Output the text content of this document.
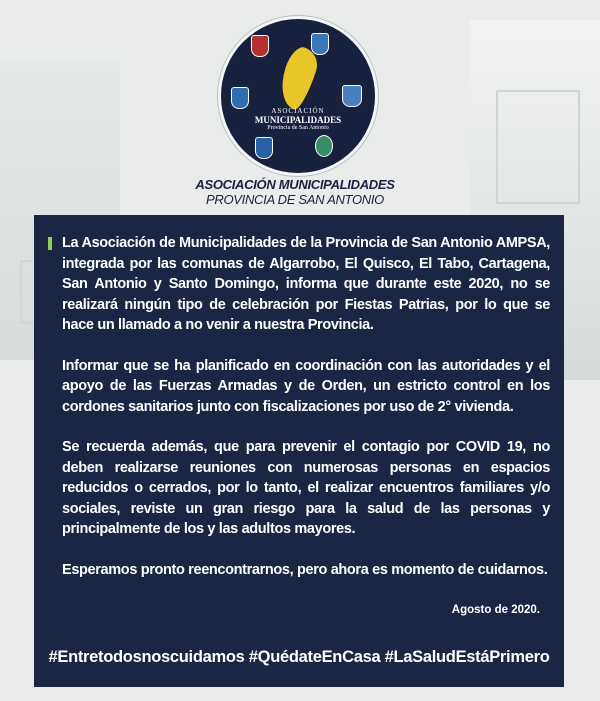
ASOCIACIÓN
MUNICIPALIDADES
Provincia de San Antonio
ASOCIACIÓN MUNICIPALIDADES
PROVINCIA DE SAN ANTONIO

La Asociación de Municipalidades de la Provincia de San Antonio AMPSA, integrada por las comunas de Algarrobo, El Quisco, El Tabo, Cartagena, San Antonio y Santo Domingo, informa que durante este 2020, no se realizará ningún tipo de celebración por Fiestas Patrias, por lo que se hace un llamado a no venir a nuestra Provincia.

Informar que se ha planificado en coordinación con las autoridades y el apoyo de las Fuerzas Armadas y de Orden, un estricto control en los cordones sanitarios junto con fiscalizaciones por uso de 2° vivienda.

Se recuerda además, que para prevenir el contagio por COVID 19, no deben realizarse reuniones con numerosas personas en espacios reducidos o cerrados, por lo tanto, el realizar encuentros familiares y/o sociales, reviste un gran riesgo para la salud de las personas y principalmente de los y las adultos mayores.

Esperamos pronto reencontrarnos, pero ahora es momento de cuidarnos.

Agosto de 2020.
#Entretodosnoscuidamos #QuédateEnCasa #LaSaludEstáPrimero
